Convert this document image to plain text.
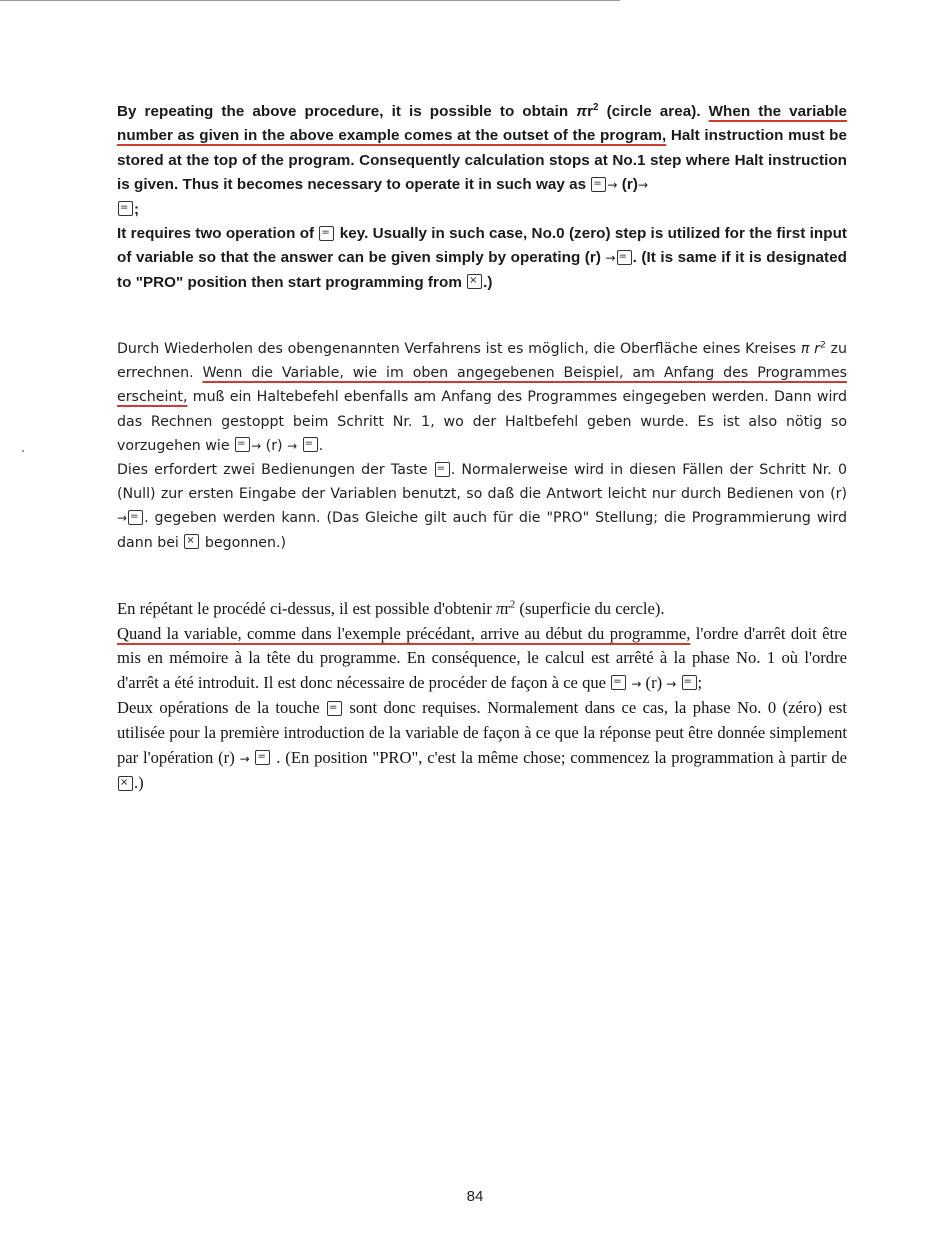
By repeating the above procedure, it is possible to obtain $\pi r^2$ (circle area). When the variable number as given in the above example comes at the outset of the program, Halt instruction must be stored at the top of the program. Consequently calculation stops at No.1 step where Halt instruction is given. Thus it becomes necessary to operate it in such way as = → (r)→
= ;

It requires two operation of = key. Usually in such case, No.0 (zero) step is utilized for the first input of variable so that the answer can be given simply by operating (r) → = . (It is same if it is designated to "PRO" position then start programming from × .)

Durch Wiederholen des obengenannten Verfahrens ist es möglich, die Oberfläche eines Kreises π $r^2$ zu errechnen. Wenn die Variable, wie im oben angegebenen Beispiel, am Anfang des Programmes erscheint, muß ein Haltebefehl ebenfalls am Anfang des Programmes eingegeben werden. Dann wird das Rechnen gestoppt beim Schritt Nr. 1, wo der Haltbefehl geben wurde. Es ist also nötig so vorzugehen wie = → (r) → = .

Dies erfordert zwei Bedienungen der Taste = . Normalerweise wird in diesen Fällen der Schritt Nr. 0 (Null) zur ersten Eingabe der Variablen benutzt, so daß die Antwort leicht nur durch Bedienen von (r) → = . gegeben werden kann. (Das Gleiche gilt auch für die "PRO" Stellung; die Programmierung wird dann bei × begonnen.)

En répétant le procédé ci-dessus, il est possible d'obtenir $\pi r^2$ (superficie du cercle).

Quand la variable, comme dans l'exemple précédant, arrive au début du programme, l'ordre d'arrêt doit être mis en mémoire à la tête du programme. En conséquence, le calcul est arrêté à la phase No. 1 où l'ordre d'arrêt a été introduit. Il est donc nécessaire de procéder de façon à ce que = → (r) → = ;

Deux opérations de la touche = sont donc requises. Normalement dans ce cas, la phase No. 0 (zéro) est utilisée pour la première introduction de la variable de façon à ce que la réponse peut être donnée simplement par l'opération (r) → = . (En position "PRO", c'est la même chose; commencez la programmation à partir de × .)

84
